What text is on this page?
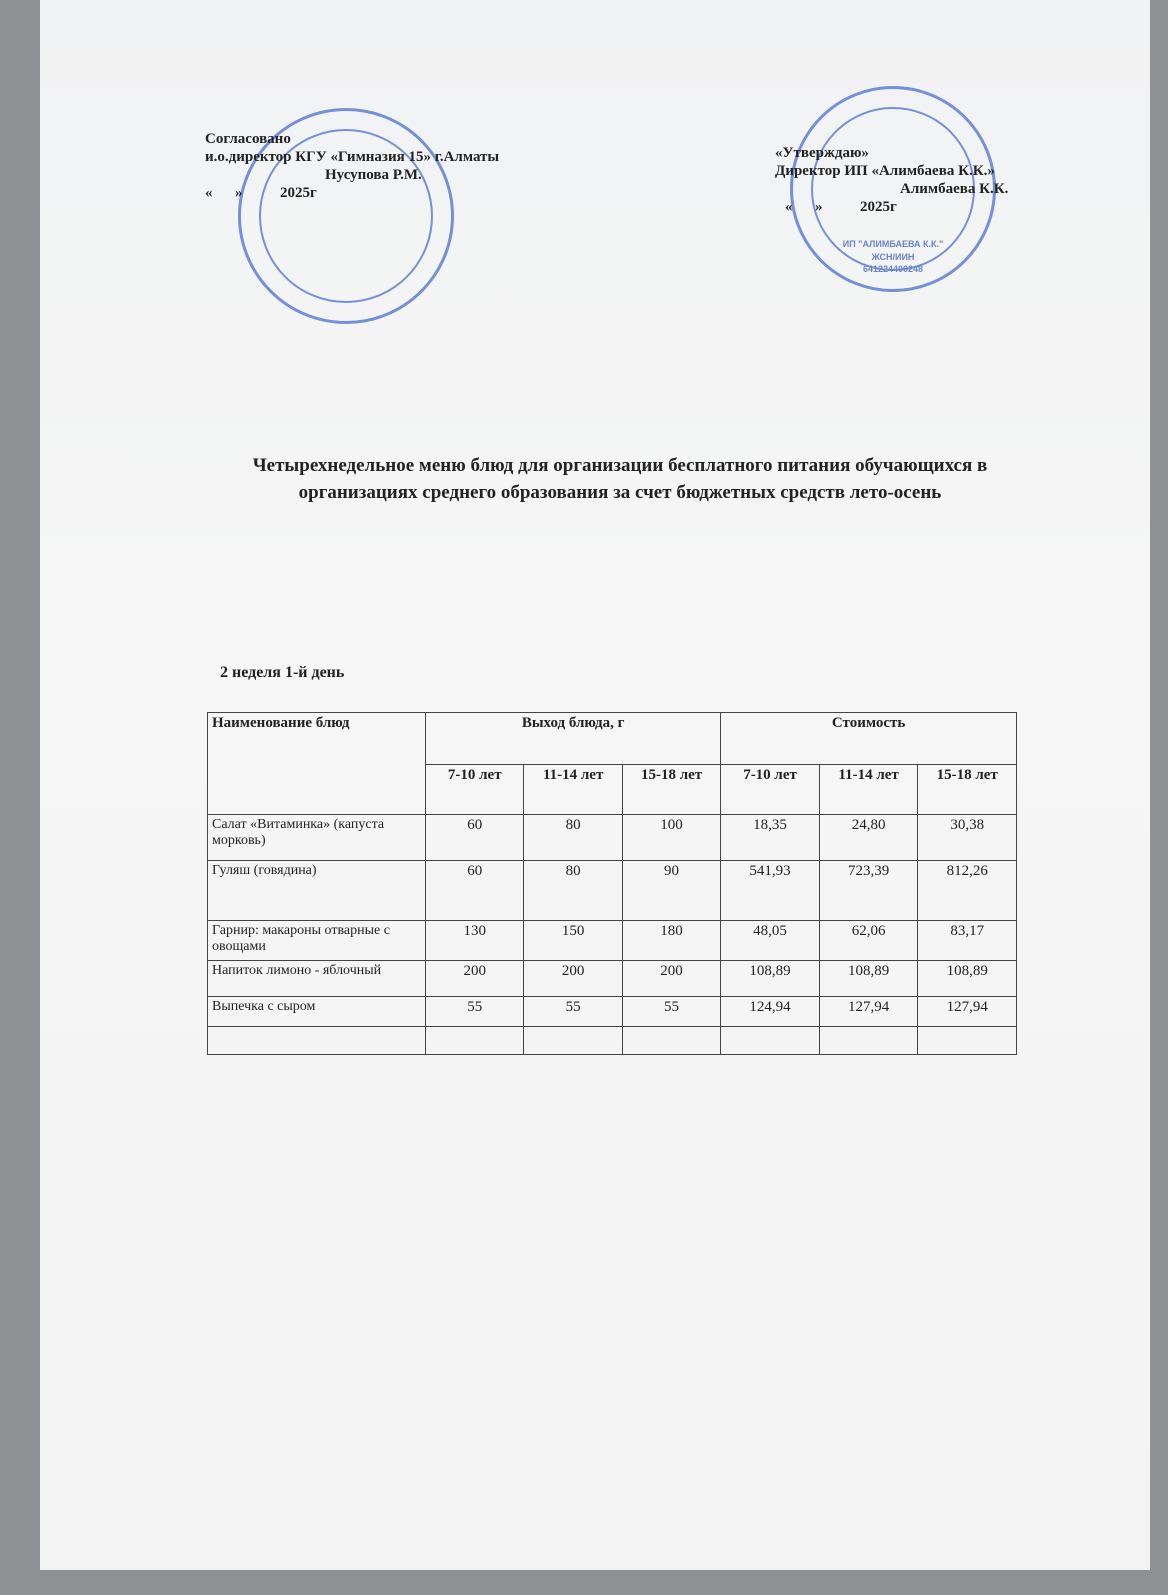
ИП "АЛИМБАЕВА К.К."
ЖСН/ИИН
641224400248
Согласовано
и.о.директор КГУ «Гимназия 15» г.Алматы
Нусупова Р.М.
«      »          2025г
«Утверждаю»
Директор ИП «Алимбаева К.К.»
Алимбаева К.К.
«      »          2025г
Четырехнедельное меню блюд для организации бесплатного питания обучающихся в организациях среднего образования за счет бюджетных средств лето-осень
2 неделя 1-й день
Наименование блюд	Выход блюда, г			Стоимость		
	7-10 лет	11-14 лет	15-18 лет	7-10 лет	11-14 лет	15-18 лет
Салат «Витаминка» (капуста морковь)	60	80	100	18,35	24,80	30,38
Гуляш (говядина)	60	80	90	541,93	723,39	812,26
Гарнир: макароны отварные с овощами	130	150	180	48,05	62,06	83,17
Напиток лимоно - яблочный	200	200	200	108,89	108,89	108,89
Выпечка с сыром	55	55	55	124,94	127,94	127,94
